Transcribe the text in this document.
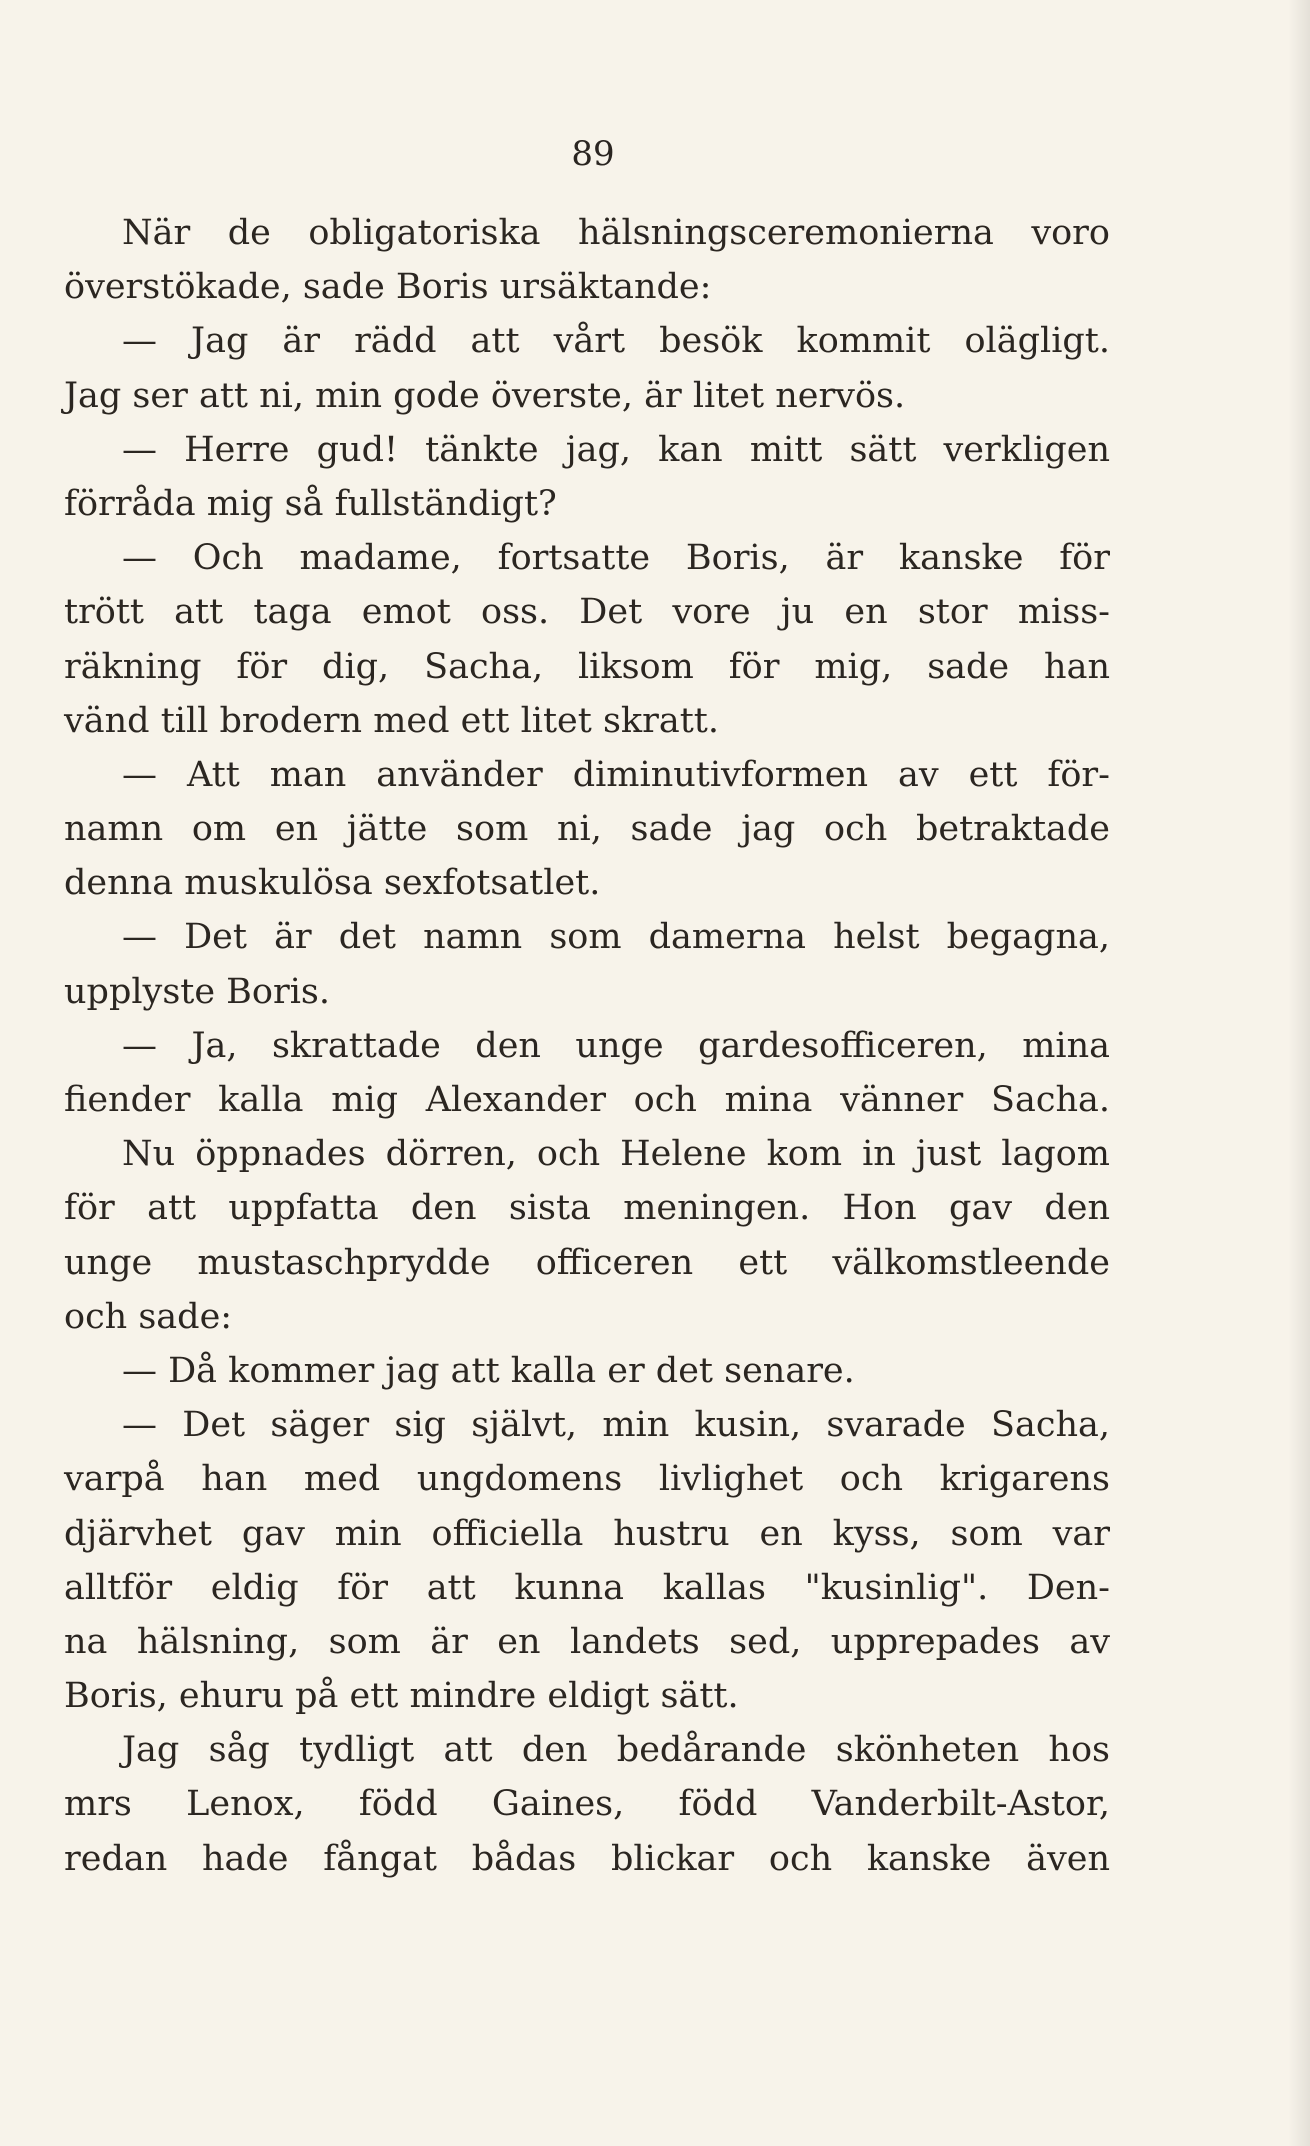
89
När de obligatoriska hälsningsceremonierna voro
överstökade, sade Boris ursäktande:
— Jag är rädd att vårt besök kommit olägligt.
Jag ser att ni, min gode överste, är litet nervös.
— Herre gud! tänkte jag, kan mitt sätt verkligen
förråda mig så fullständigt?
— Och madame, fortsatte Boris, är kanske för
trött att taga emot oss. Det vore ju en stor miss-
räkning för dig, Sacha, liksom för mig, sade han
vänd till brodern med ett litet skratt.
— Att man använder diminutivformen av ett för-
namn om en jätte som ni, sade jag och betraktade
denna muskulösa sexfotsatlet.
— Det är det namn som damerna helst begagna,
upplyste Boris.
— Ja, skrattade den unge gardesofficeren, mina
fiender kalla mig Alexander och mina vänner Sacha.
Nu öppnades dörren, och Helene kom in just lagom
för att uppfatta den sista meningen. Hon gav den
unge mustaschprydde officeren ett välkomstleende
och sade:
— Då kommer jag att kalla er det senare.
— Det säger sig självt, min kusin, svarade Sacha,
varpå han med ungdomens livlighet och krigarens
djärvhet gav min officiella hustru en kyss, som var
alltför eldig för att kunna kallas "kusinlig". Den-
na hälsning, som är en landets sed, upprepades av
Boris, ehuru på ett mindre eldigt sätt.
Jag såg tydligt att den bedårande skönheten hos
mrs Lenox, född Gaines, född Vanderbilt-Astor,
redan hade fångat bådas blickar och kanske även
